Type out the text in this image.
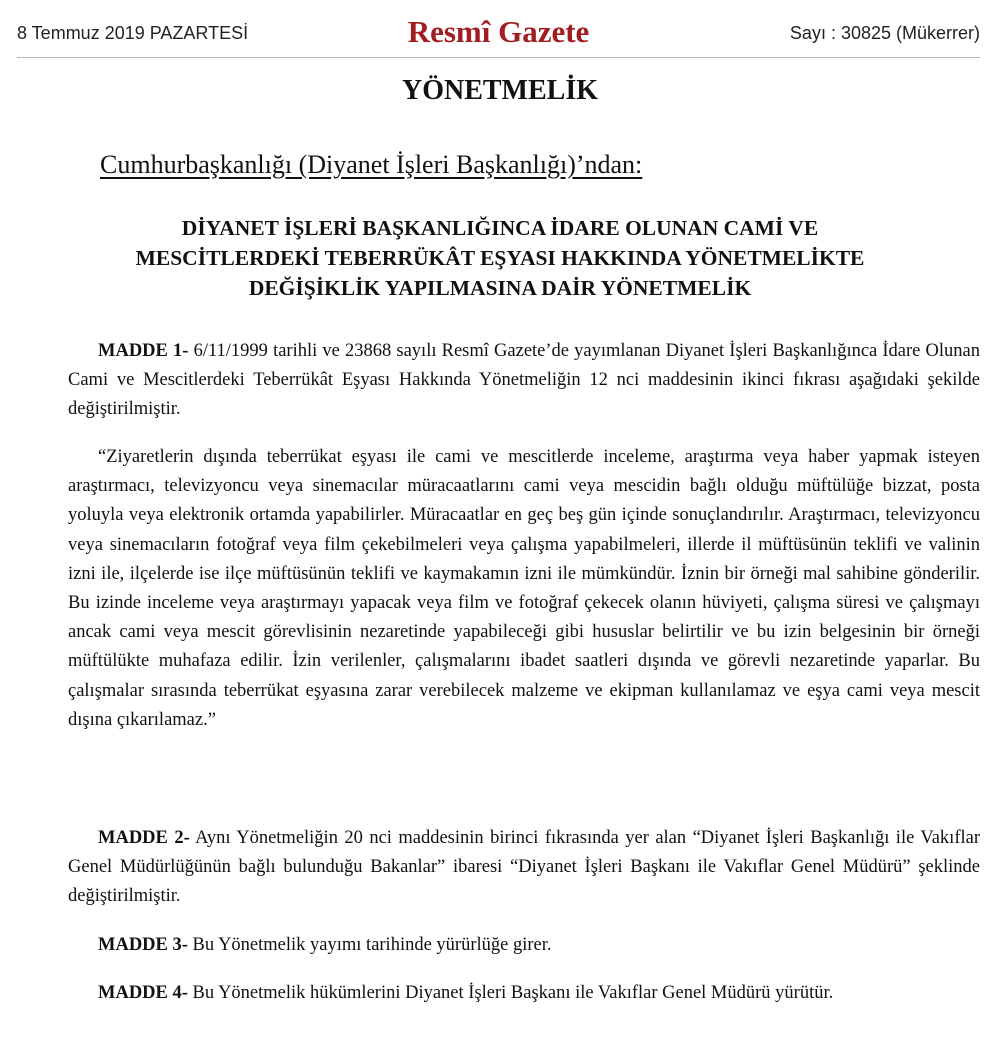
8 Temmuz 2019 PAZARTESİ	Resmî Gazete	Sayı : 30825 (Mükerrer)
YÖNETMELİK
Cumhurbaşkanlığı (Diyanet İşleri Başkanlığı)’ndan:
DİYANET İŞLERİ BAŞKANLIĞINCA İDARE OLUNAN CAMİ VE
MESCİTLERDEKİ TEBERRÜKÂT EŞYASI HAKKINDA YÖNETMELİKTE
DEĞİŞİKLİK YAPILMASINA DAİR YÖNETMELİK

MADDE 1- 6/11/1999 tarihli ve 23868 sayılı Resmî Gazete’de yayımlanan Diyanet İşleri Başkanlığınca İdare Olunan Cami ve Mescitlerdeki Teberrükât Eşyası Hakkında Yönetmeliğin 12 nci maddesinin ikinci fıkrası aşağıdaki şekilde değiştirilmiştir.

“Ziyaretlerin dışında teberrükat eşyası ile cami ve mescitlerde inceleme, araştırma veya haber yapmak isteyen araştırmacı, televizyoncu veya sinemacılar müracaatlarını cami veya mescidin bağlı olduğu müftülüğe bizzat, posta yoluyla veya elektronik ortamda yapabilirler. Müracaatlar en geç beş gün içinde sonuçlandırılır. Araştırmacı, televizyoncu veya sinemacıların fotoğraf veya film çekebilmeleri veya çalışma yapabilmeleri, illerde il müftüsünün teklifi ve valinin izni ile, ilçelerde ise ilçe müftüsünün teklifi ve kaymakamın izni ile mümkündür. İznin bir örneği mal sahibine gönderilir. Bu izinde inceleme veya araştırmayı yapacak veya film ve fotoğraf çekecek olanın hüviyeti, çalışma süresi ve çalışmayı ancak cami veya mescit görevlisinin nezaretinde yapabileceği gibi hususlar belirtilir ve bu izin belgesinin bir örneği müftülükte muhafaza edilir. İzin verilenler, çalışmalarını ibadet saatleri dışında ve görevli nezaretinde yaparlar. Bu çalışmalar sırasında teberrükat eşyasına zarar verebilecek malzeme ve ekipman kullanılamaz ve eşya cami veya mescit dışına çıkarılamaz.”

MADDE 2- Aynı Yönetmeliğin 20 nci maddesinin birinci fıkrasında yer alan “Diyanet İşleri Başkanlığı ile Vakıflar Genel Müdürlüğünün bağlı bulunduğu Bakanlar” ibaresi “Diyanet İşleri Başkanı ile Vakıflar Genel Müdürü” şeklinde değiştirilmiştir.

MADDE 3- Bu Yönetmelik yayımı tarihinde yürürlüğe girer.

MADDE 4- Bu Yönetmelik hükümlerini Diyanet İşleri Başkanı ile Vakıflar Genel Müdürü yürütür.
